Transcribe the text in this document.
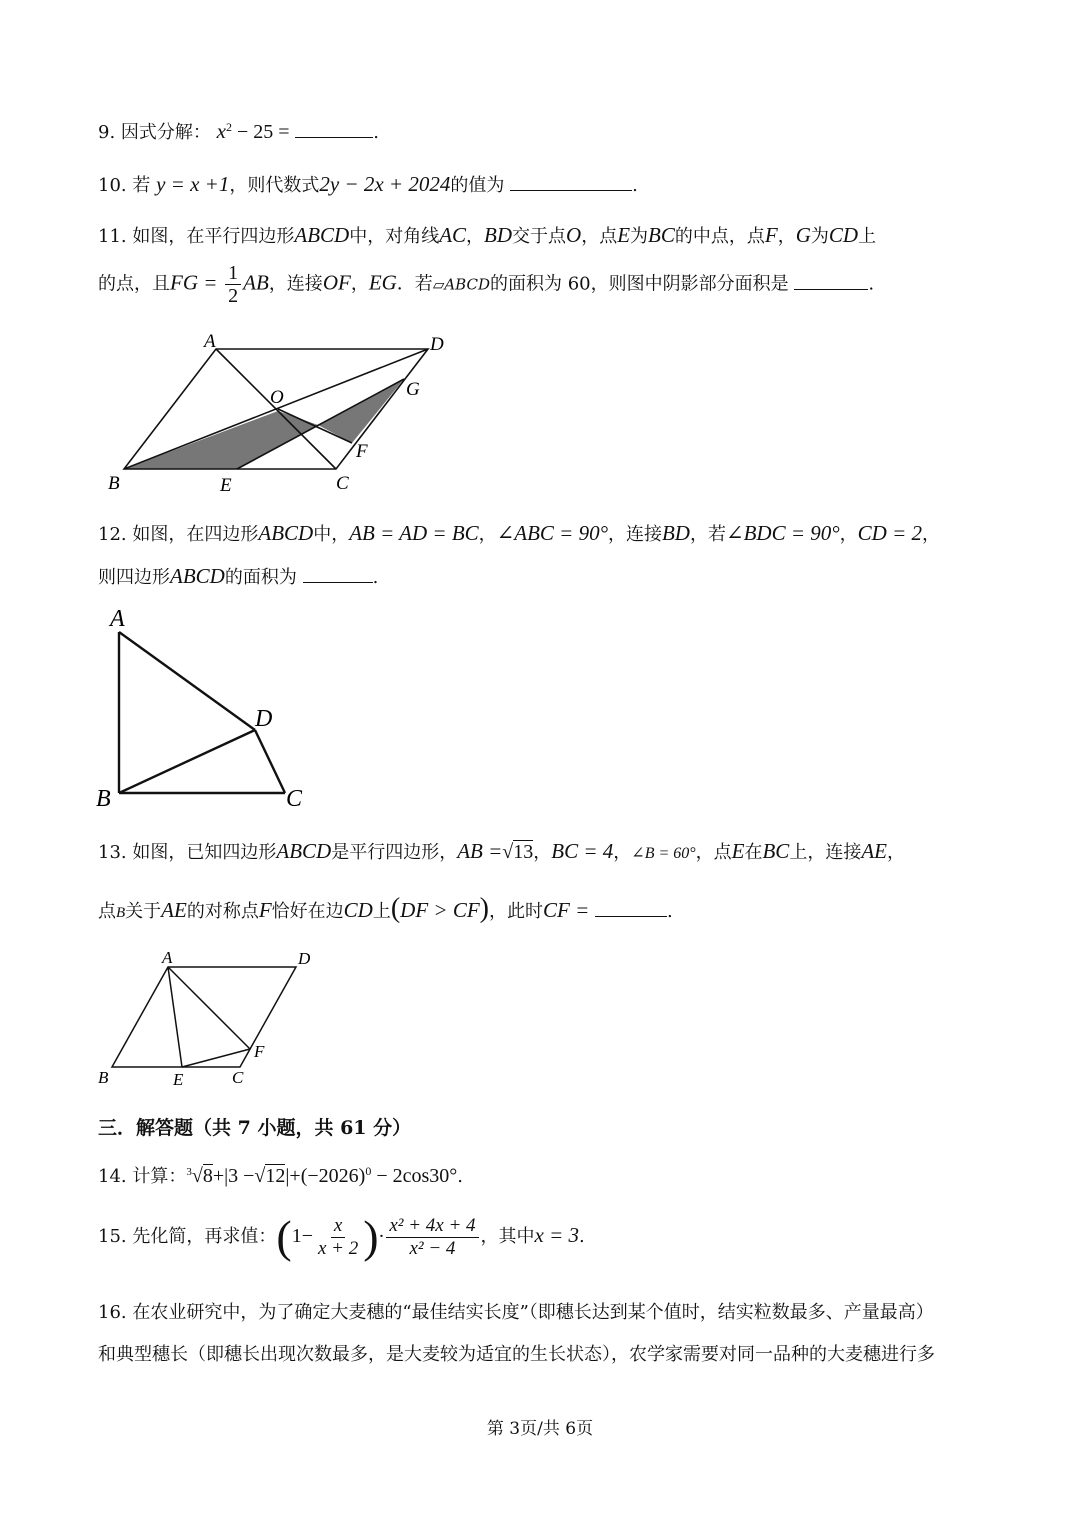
9. 因式分解： $x^2 - 25$ =	.
10. 若 y = x +1，则代数式2y − 2x + 2024的值为	.
11. 如图，在平行四边形ABCD中，对角线AC，BD交于点O，点E为BC的中点，点F，G为CD上
的点，且FG = $\frac{1}{2}$ AB，连接OF，EG．若▱ABCD的面积为 60，则图中阴影部分面积是	.
A	D
O	G
F
B	E	C
12. 如图，在四边形ABCD中，AB = AD = BC，∠ABC = 90°，连接BD，若∠BDC = 90°，CD = 2，
则四边形ABCD的面积为	.
A
D
B	C
13. 如图，已知四边形ABCD是平行四边形，AB =√13，BC = 4，∠B = 60°，点E在BC上，连接AE，
点B关于AE的对称点F恰好在边CD上(DF > CF)，此时CF =	.
A	D
F
B	E	C
三．解答题（共 7 小题，共 61 分）
14. 计算：$^3√8+|3 -√12|+(-2026)^0 - 2\cos 30^\circ$.
15. 先化简，再求值：($1- \frac{x}{x + 2}$ )· $\frac{\text{x² + 4x + 4}}{\text{x² − 4}}$ ，其中x = 3.
16. 在农业研究中，为了确定大麦穗的“最佳结实长度”（即穗长达到某个值时，结实粒数最多、产量最高）
和典型穗长（即穗长出现次数最多，是大麦较为适宜的生长状态），农学家需要对同一品种的大麦穗进行多
第 3页/共 6页
